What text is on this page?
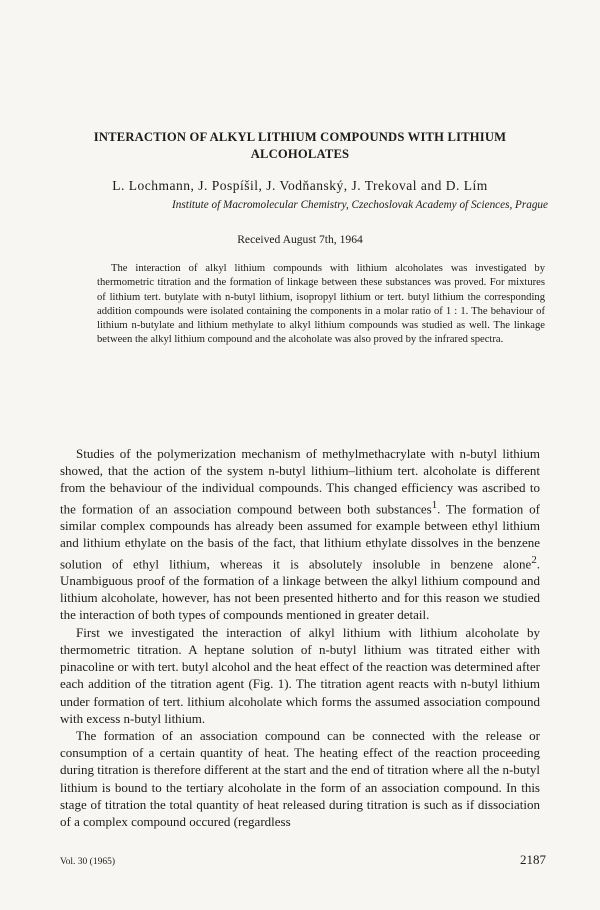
INTERACTION OF ALKYL LITHIUM COMPOUNDS WITH LITHIUM ALCOHOLATES

L. Lochmann, J. Pospíšil, J. Vodňanský, J. Trekoval and D. Lím

Institute of Macromolecular Chemistry, Czechoslovak Academy of Sciences, Prague

Received August 7th, 1964

The interaction of alkyl lithium compounds with lithium alcoholates was investigated by thermometric titration and the formation of linkage between these substances was proved. For mixtures of lithium tert. butylate with n-butyl lithium, isopropyl lithium or tert. butyl lithium the corresponding addition compounds were isolated containing the components in a molar ratio of 1 : 1. The behaviour of lithium n-butylate and lithium methylate to alkyl lithium compounds was studied as well. The linkage between the alkyl lithium compound and the alcoholate was also proved by the infrared spectra.

Studies of the polymerization mechanism of methylmethacrylate with n-butyl lithium showed, that the action of the system n-butyl lithium–lithium tert. alcoholate is different from the behaviour of the individual compounds. This changed efficiency was ascribed to the formation of an association compound between both substances$^1$. The formation of similar complex compounds has already been assumed for example between ethyl lithium and lithium ethylate on the basis of the fact, that lithium ethylate dissolves in the benzene solution of ethyl lithium, whereas it is absolutely insoluble in benzene alone$^2$. Unambiguous proof of the formation of a linkage between the alkyl lithium compound and lithium alcoholate, however, has not been presented hitherto and for this reason we studied the interaction of both types of compounds mentioned in greater detail.

First we investigated the interaction of alkyl lithium with lithium alcoholate by thermometric titration. A heptane solution of n-butyl lithium was titrated either with pinacoline or with tert. butyl alcohol and the heat effect of the reaction was determined after each addition of the titration agent (Fig. 1). The titration agent reacts with n-butyl lithium under formation of tert. lithium alcoholate which forms the assumed association compound with excess n-butyl lithium.

The formation of an association compound can be connected with the release or consumption of a certain quantity of heat. The heating effect of the reaction proceeding during titration is therefore different at the start and the end of titration where all the n-butyl lithium is bound to the tertiary alcoholate in the form of an association compound. In this stage of titration the total quantity of heat released during titration is such as if dissociation of a complex compound occured (regardless

Vol. 30 (1965)	2187
